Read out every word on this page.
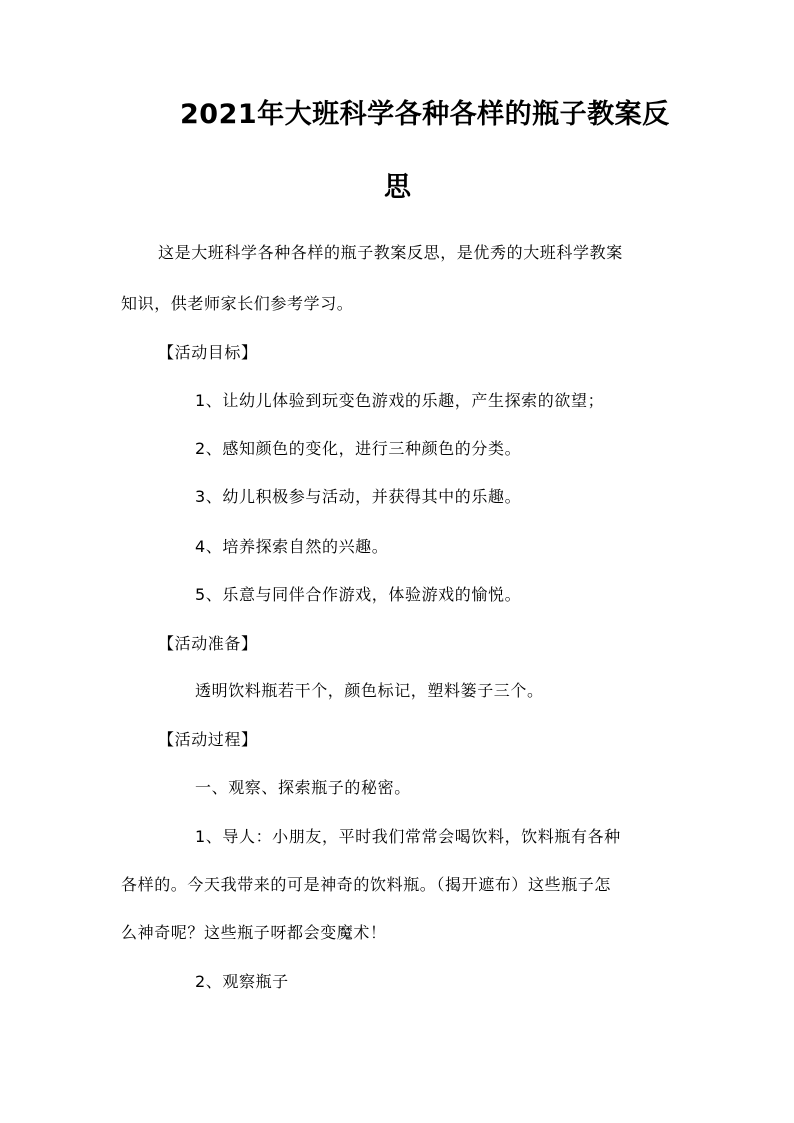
2021年大班科学各种各样的瓶子教案反
思
这是大班科学各种各样的瓶子教案反思，是优秀的大班科学教案
知识，供老师家长们参考学习。
【活动目标】
1、让幼儿体验到玩变色游戏的乐趣，产生探索的欲望；
2、感知颜色的变化，进行三种颜色的分类。
3、幼儿积极参与活动，并获得其中的乐趣。
4、培养探索自然的兴趣。
5、乐意与同伴合作游戏，体验游戏的愉悦。
【活动准备】
透明饮料瓶若干个，颜色标记，塑料篓子三个。
【活动过程】
一、观察、探索瓶子的秘密。
1、导人：小朋友，平时我们常常会喝饮料，饮料瓶有各种
各样的。今天我带来的可是神奇的饮料瓶。（揭开遮布）这些瓶子怎
么神奇呢？这些瓶子呀都会变魔术！
2、观察瓶子
